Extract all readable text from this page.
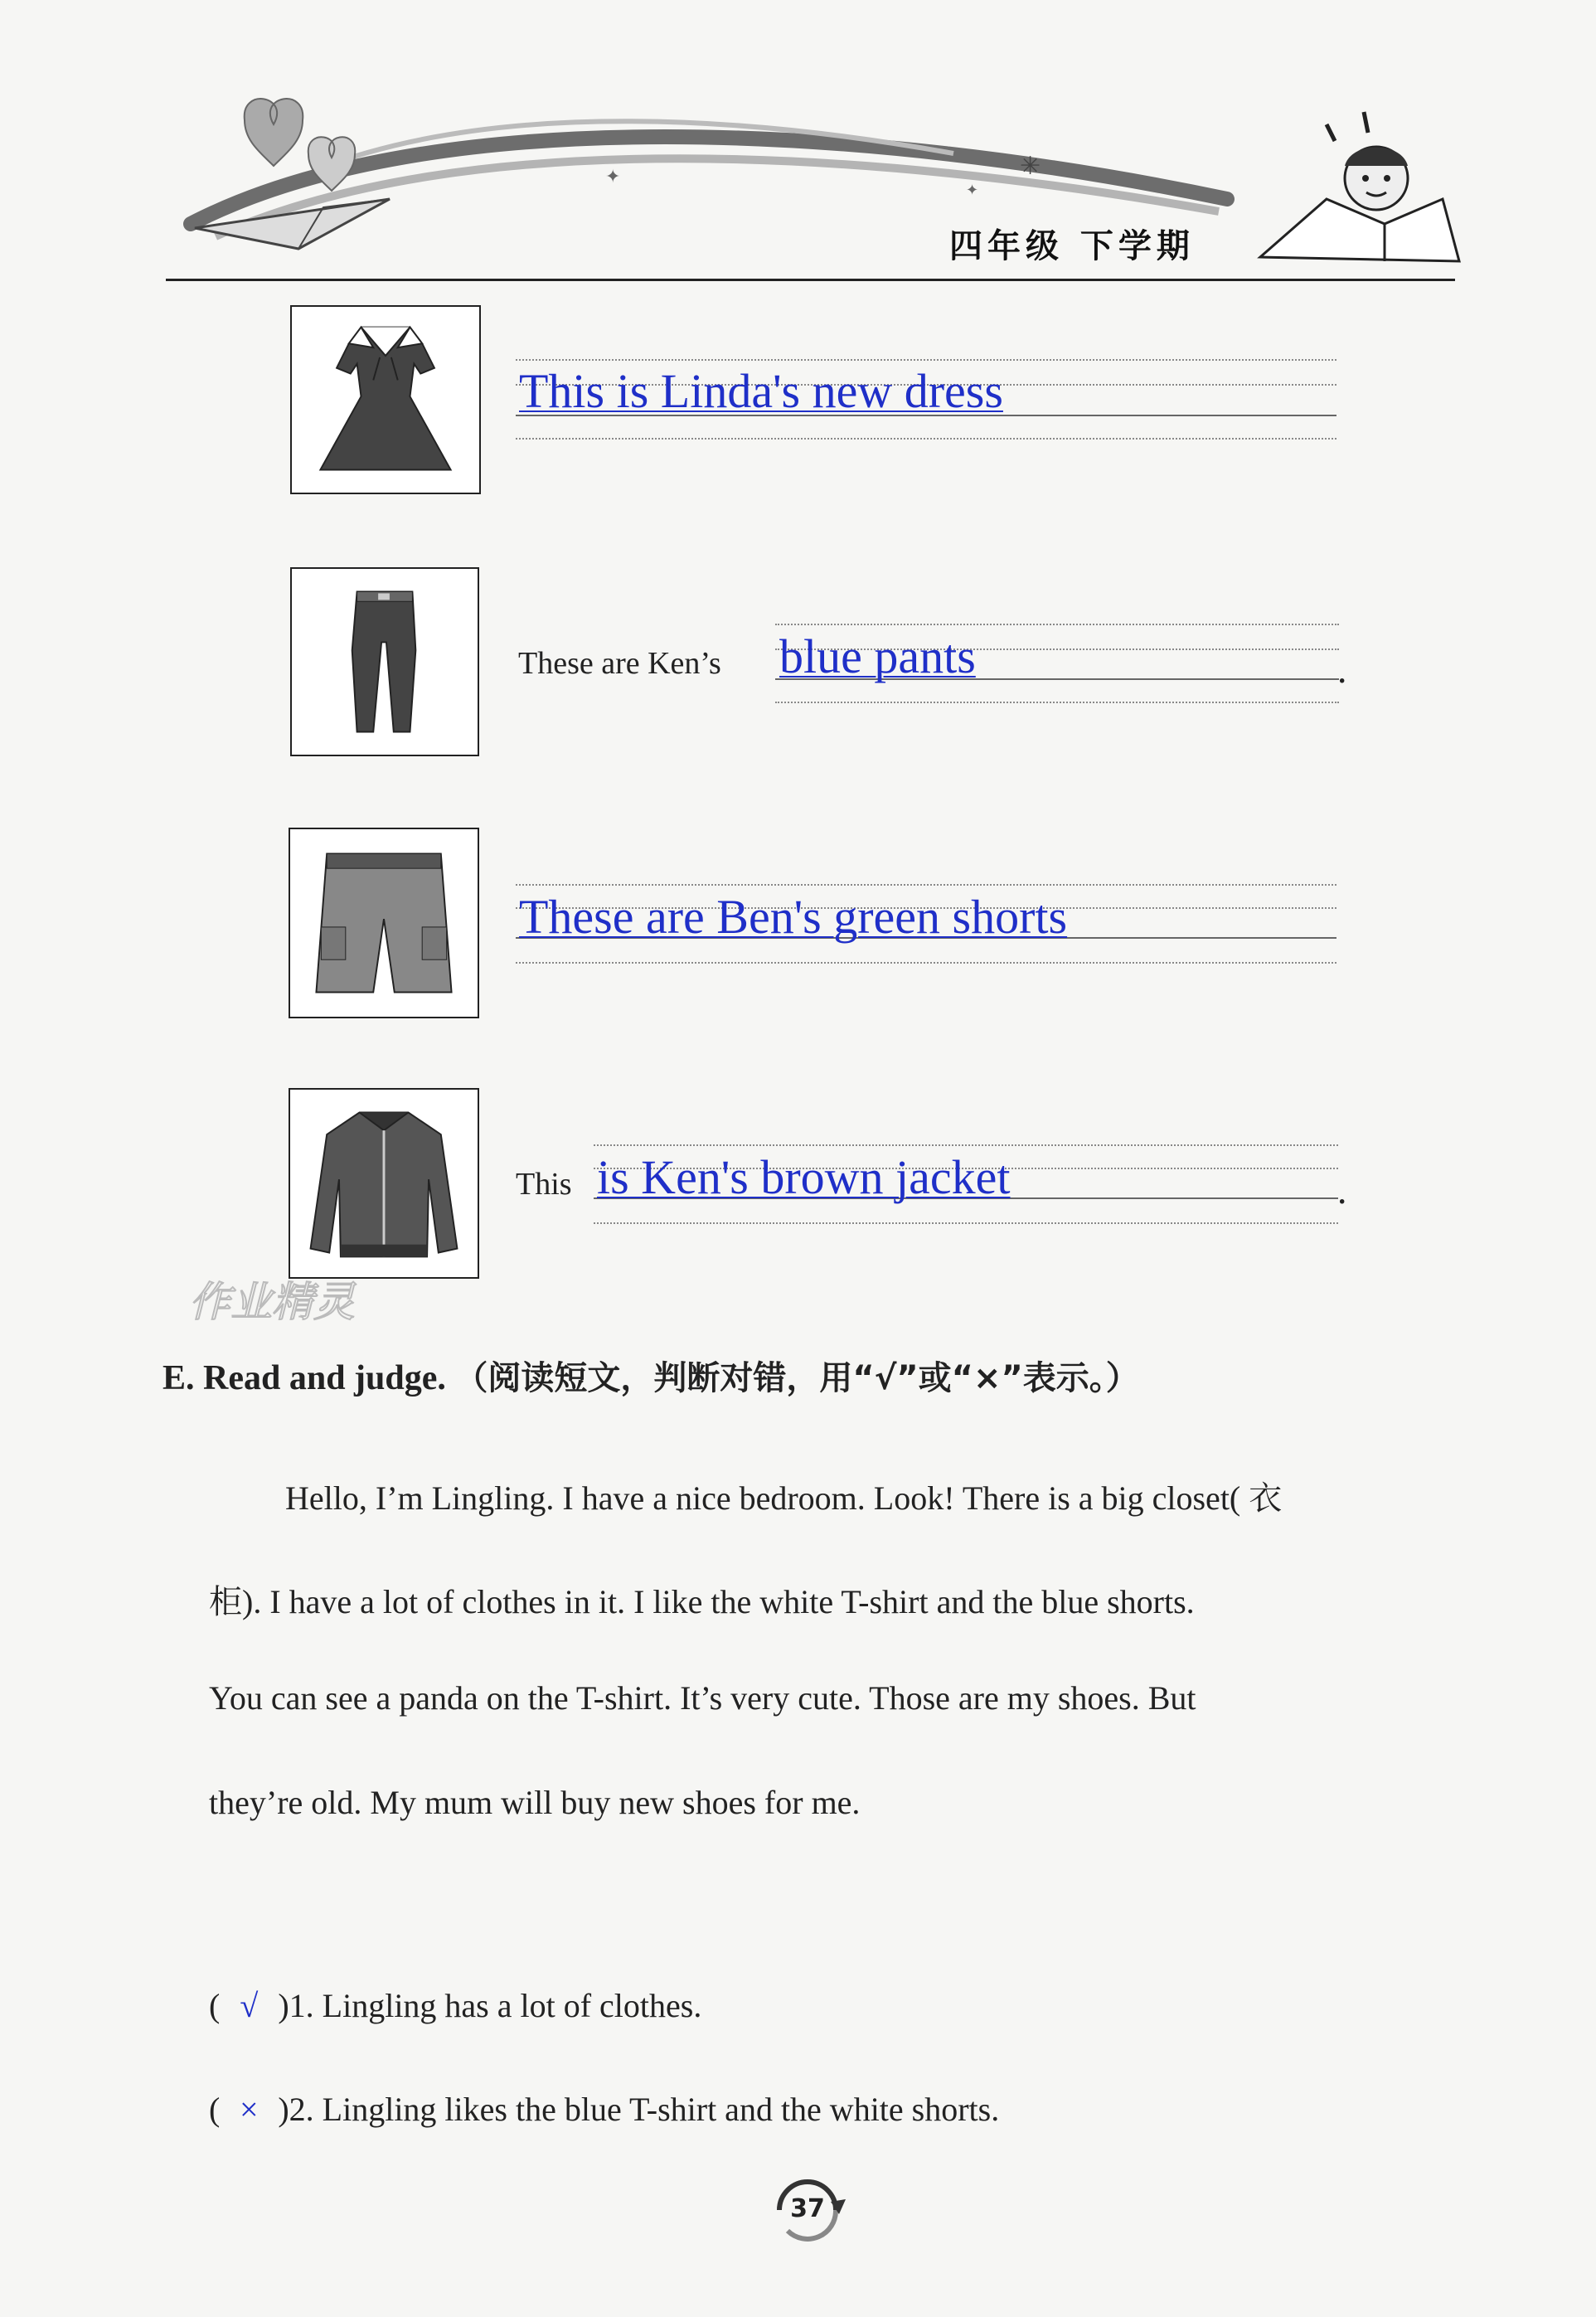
✳
✦
✦
四年级 下学期
This is Linda's new dress
These are Ken’s blue pants	.
These are Ben's green shorts
This is Ken's brown jacket	.
作业精灵
E. Read and judge. （阅读短文，判断对错，用“√”或“×”表示。）
Hello, I’m Lingling. I have a nice bedroom. Look! There is a big closet( 衣
柜). I have a lot of clothes in it. I like the white T-shirt and the blue shorts.
You can see a panda on the T-shirt. It’s very cute. Those are my shoes. But
they’re old. My mum will buy new shoes for me.
( √ )1. Lingling has a lot of clothes.
( × )2. Lingling likes the blue T-shirt and the white shorts.
37
